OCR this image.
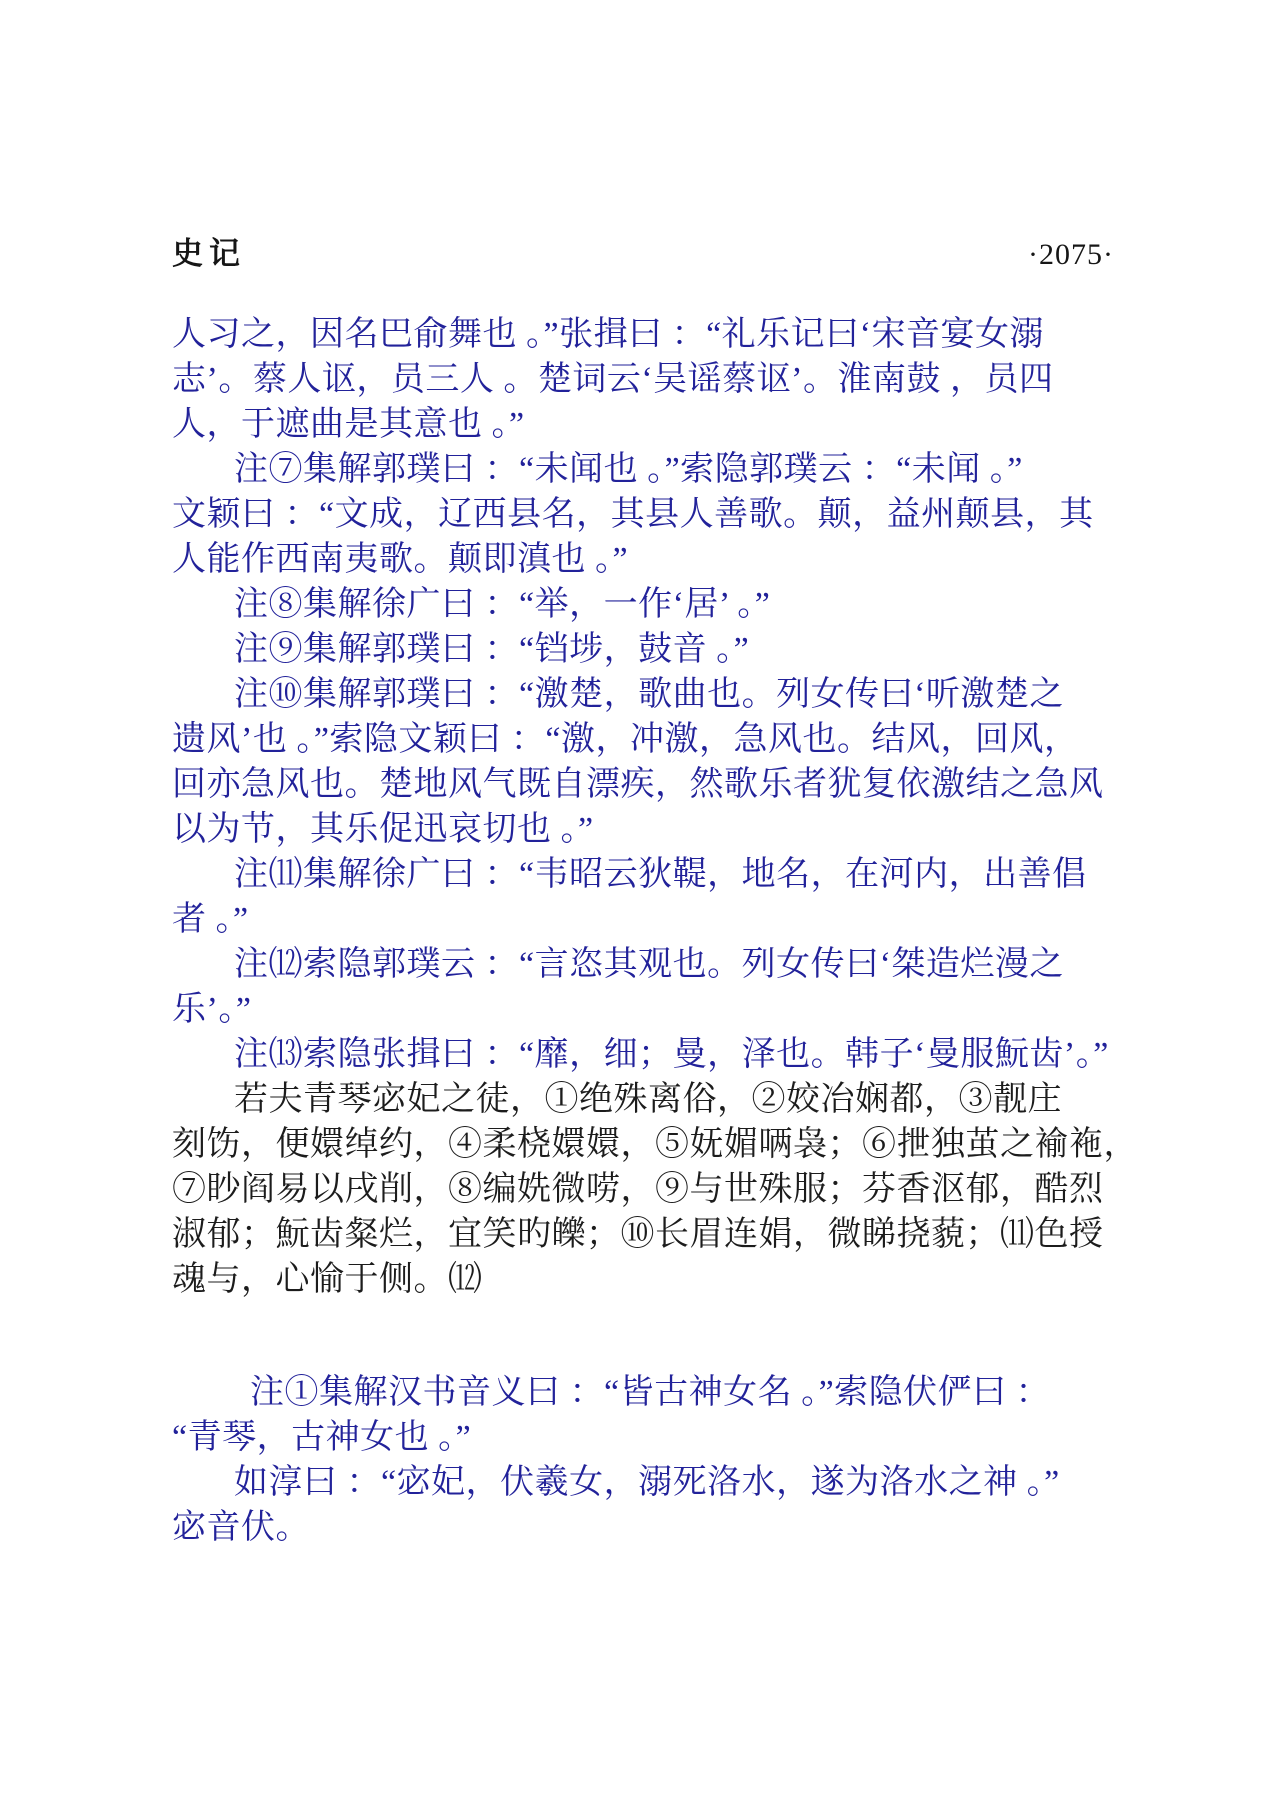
史记	·2075·
人习之，因名巴俞舞也 。”张揖曰 ：“礼乐记曰‘宋音宴女溺
志’。蔡人讴，员三人 。楚词云‘吴谣蔡讴’。淮南鼓 ，员四
人，于遮曲是其意也 。”
注⑦集解郭璞曰 ：“未闻也 。”索隐郭璞云 ：“未闻 。”
文颖曰 ：“文成，辽西县名，其县人善歌。颠，益州颠县，其
人能作西南夷歌。颠即滇也 。”
注⑧集解徐广曰 ：“举，一作‘居’ 。”
注⑨集解郭璞曰 ：“铛埗，鼓音 。”
注⑩集解郭璞曰 ：“激楚，歌曲也。列女传曰‘听激楚之
遗风’也 。”索隐文颖曰 ：“激，冲激，急风也。结风，回风，
回亦急风也。楚地风气既自漂疾，然歌乐者犹复依激结之急风
以为节，其乐促迅哀切也 。”
注⑾集解徐广曰 ：“韦昭云狄鞮，地名，在河内，出善倡
者 。”
注⑿索隐郭璞云 ：“言恣其观也。列女传曰‘桀造烂漫之
乐’。”
注⒀索隐张揖曰 ：“靡，细；曼，泽也。韩子‘曼服魭齿’。”
若夫青琴宓妃之徒，①绝殊离俗，②姣冶娴都，③靓庄
刻饬，便嬛绰约，④柔桡嬛嬛，⑤妩媚唡袅；⑥抴独茧之褕袘，
⑦眇阎易以戌削，⑧编姺微唠，⑨与世殊服；芬香沤郁，酷烈
淑郁；魭齿粲烂，宜笑旳皪；⑩长眉连娟，微睇挠藐；⑾色授
魂与，心愉于侧。⑿
注①集解汉书音义曰 ：“皆古神女名 。”索隐伏俨曰 ：
“青琴，古神女也 。”
如淳曰 ：“宓妃，伏羲女，溺死洛水，遂为洛水之神 。”
宓音伏。
